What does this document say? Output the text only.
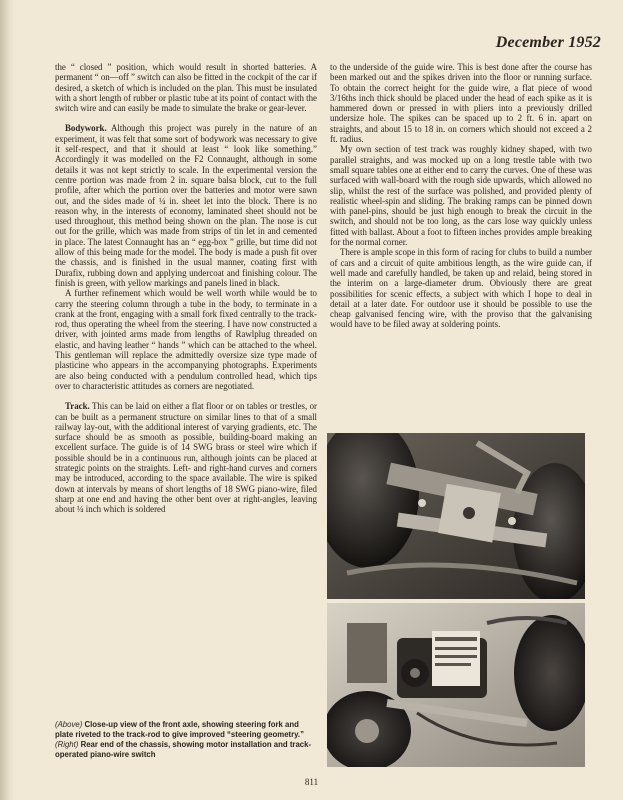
December 1952

the “ closed ” position, which would result in shorted batteries. A permanent “ on—off ” switch can also be fitted in the cockpit of the car if desired, a sketch of which is included on the plan. This must be insulated with a short length of rubber or plastic tube at its point of contact with the switch wire and can easily be made to simulate the brake or gear-lever.

Bodywork. Although this project was purely in the nature of an experiment, it was felt that some sort of bodywork was necessary to give it self-respect, and that it should at least “ look like something.” Accordingly it was modelled on the F2 Connaught, although in some details it was not kept strictly to scale. In the experimental version the centre portion was made from 2 in. square balsa block, cut to the full profile, after which the portion over the batteries and motor were sawn out, and the sides made of ¼ in. sheet let into the block. There is no reason why, in the interests of economy, laminated sheet should not be used throughout, this method being shown on the plan. The nose is cut out for the grille, which was made from strips of tin let in and cemented in place. The latest Connaught has an “ egg-box ” grille, but time did not allow of this being made for the model. The body is made a push fit over the chassis, and is finished in the usual manner, coating first with Durafix, rubbing down and applying undercoat and finishing colour. The finish is green, with yellow markings and panels lined in black.

A further refinement which would be well worth while would be to carry the steering column through a tube in the body, to terminate in a crank at the front, engaging with a small fork fixed centrally to the track-rod, thus operating the wheel from the steering. I have now constructed a driver, with jointed arms made from lengths of Rawlplug threaded on elastic, and having leather “ hands ” which can be attached to the wheel. This gentleman will replace the admittedly oversize size type made of plasticine who appears in the accompanying photographs. Experiments are also being conducted with a pendulum controlled head, which tips over to characteristic attitudes as corners are negotiated.

Track. This can be laid on either a flat floor or on tables or trestles, or can be built as a permanent structure on similar lines to that of a small railway lay-out, with the additional interest of varying gradients, etc. The surface should be as smooth as possible, building-board making an excellent surface. The guide is of 14 SWG brass or steel wire which if possible should be in a continuous run, although joints can be placed at strategic points on the straights. Left- and right-hand curves and corners may be introduced, according to the space available. The wire is spiked down at intervals by means of short lengths of 18 SWG piano-wire, filed sharp at one end and having the other bent over at right-angles, leaving about ¼ inch which is soldered

to the underside of the guide wire. This is best done after the course has been marked out and the spikes driven into the floor or running surface. To obtain the correct height for the guide wire, a flat piece of wood 3/16ths inch thick should be placed under the head of each spike as it is hammered down or pressed in with pliers into a previously drilled undersize hole. The spikes can be spaced up to 2 ft. 6 in. apart on straights, and about 15 to 18 in. on corners which should not exceed a 2 ft. radius.

My own section of test track was roughly kidney shaped, with two parallel straights, and was mocked up on a long trestle table with two small square tables one at either end to carry the curves. One of these was surfaced with wall-board with the rough side upwards, which allowed no slip, whilst the rest of the surface was polished, and provided plenty of realistic wheel-spin and sliding. The braking ramps can be pinned down with panel-pins, should be just high enough to break the circuit in the switch, and should not be too long, as the cars lose way quickly unless fitted with ballast. About a foot to fifteen inches provides ample breaking for the normal corner.

There is ample scope in this form of racing for clubs to build a number of cars and a circuit of quite ambitious length, as the wire guide can, if well made and carefully handled, be taken up and relaid, being stored in the interim on a large-diameter drum. Obviously there are great possibilities for scenic effects, a subject with which I hope to deal in detail at a later date. For outdoor use it should be possible to use the cheap galvanised fencing wire, with the proviso that the galvanising would have to be filed away at soldering points.

(Above) Close-up view of the front axle, showing steering fork and plate riveted to the track-rod to give improved “steering geometry.” (Right) Rear end of the chassis, showing motor installation and track-operated piano-wire switch
811
